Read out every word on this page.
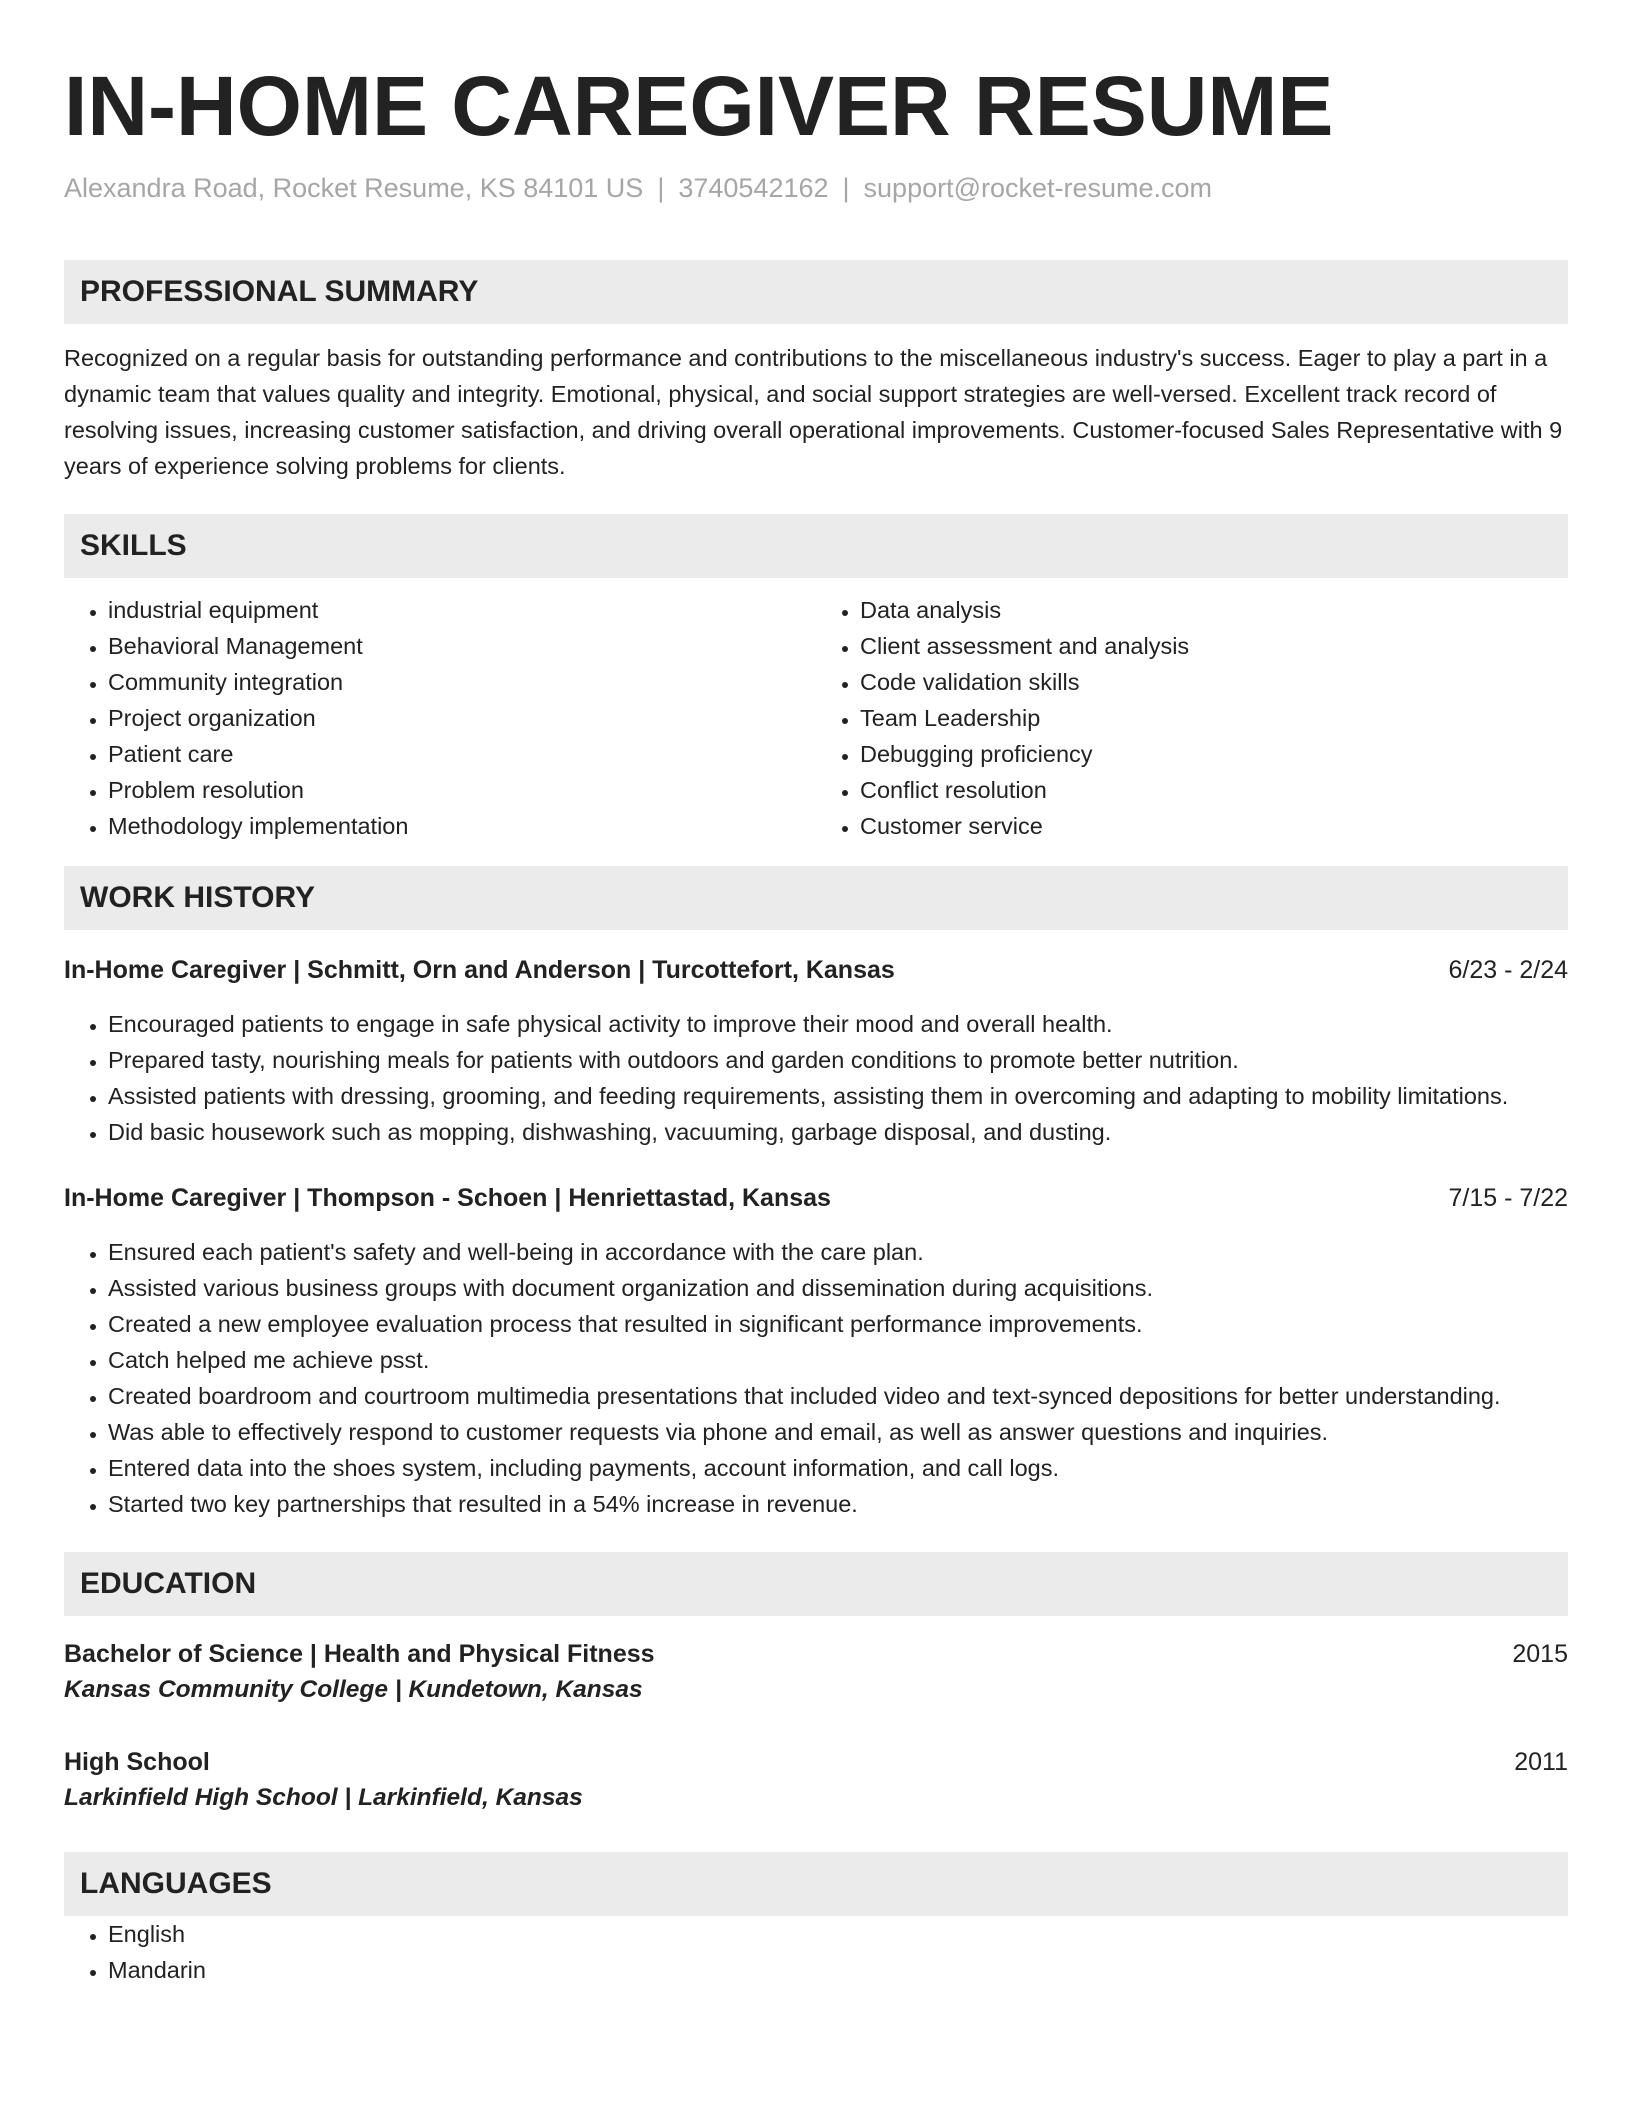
IN-HOME CAREGIVER RESUME
Alexandra Road, Rocket Resume, KS 84101 US | 3740542162 | support@rocket-resume.com
PROFESSIONAL SUMMARY
Recognized on a regular basis for outstanding performance and contributions to the miscellaneous industry's success. Eager to play a part in a dynamic team that values quality and integrity. Emotional, physical, and social support strategies are well-versed. Excellent track record of resolving issues, increasing customer satisfaction, and driving overall operational improvements. Customer-focused Sales Representative with 9 years of experience solving problems for clients.
SKILLS
• industrial equipment
• Behavioral Management
• Community integration
• Project organization
• Patient care
• Problem resolution
• Methodology implementation
• Data analysis
• Client assessment and analysis
• Code validation skills
• Team Leadership
• Debugging proficiency
• Conflict resolution
• Customer service
WORK HISTORY
In-Home Caregiver | Schmitt, Orn and Anderson | Turcottefort, Kansas	6/23 - 2/24
• Encouraged patients to engage in safe physical activity to improve their mood and overall health.
• Prepared tasty, nourishing meals for patients with outdoors and garden conditions to promote better nutrition.
• Assisted patients with dressing, grooming, and feeding requirements, assisting them in overcoming and adapting to mobility limitations.
• Did basic housework such as mopping, dishwashing, vacuuming, garbage disposal, and dusting.
In-Home Caregiver | Thompson - Schoen | Henriettastad, Kansas	7/15 - 7/22
• Ensured each patient's safety and well-being in accordance with the care plan.
• Assisted various business groups with document organization and dissemination during acquisitions.
• Created a new employee evaluation process that resulted in significant performance improvements.
• Catch helped me achieve psst.
• Created boardroom and courtroom multimedia presentations that included video and text-synced depositions for better understanding.
• Was able to effectively respond to customer requests via phone and email, as well as answer questions and inquiries.
• Entered data into the shoes system, including payments, account information, and call logs.
• Started two key partnerships that resulted in a 54% increase in revenue.
EDUCATION
Bachelor of Science | Health and Physical Fitness	2015
Kansas Community College | Kundetown, Kansas
High School	2011
Larkinfield High School | Larkinfield, Kansas
LANGUAGES
• English
• Mandarin
